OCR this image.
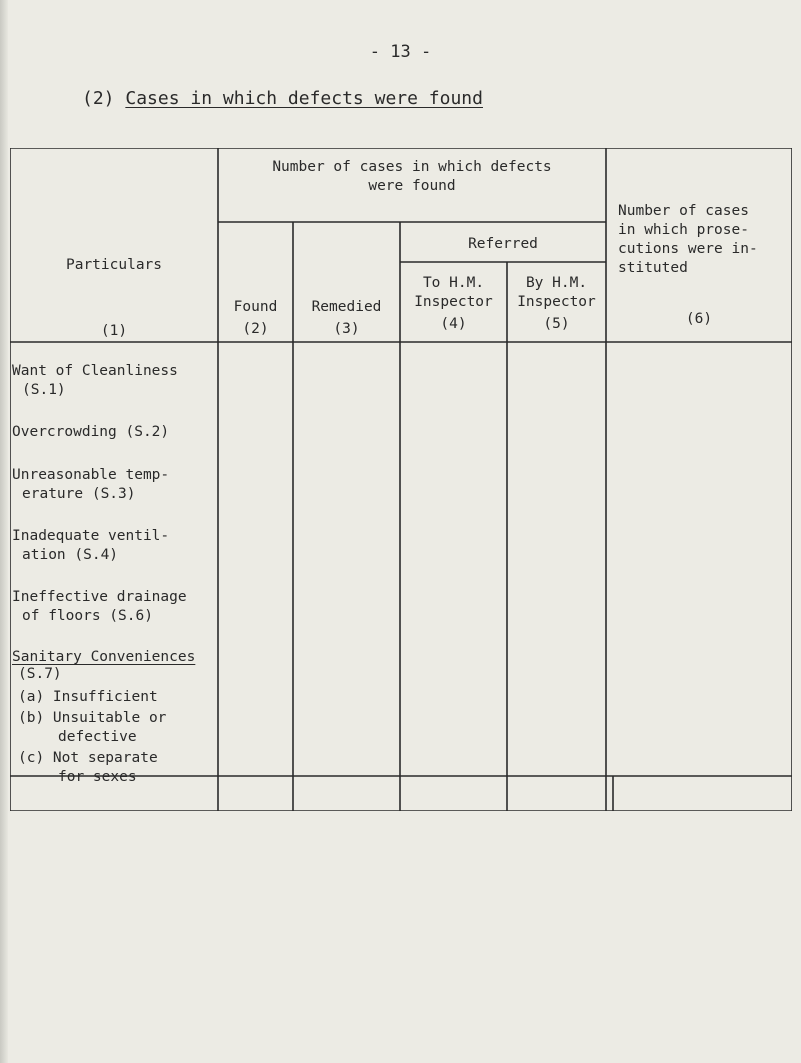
- 13 -
(2) Cases in which defects were found
Particulars
(1)
Number of cases in which defects
were found
Found
(2)
Remedied
(3)
Referred
To H.M.
Inspector
(4)
By H.M.
Inspector
(5)
Number of cases
in which prose-
cutions were in-
stituted
(6)
Want of Cleanliness
(S.1)
Overcrowding (S.2)
Unreasonable temp-
erature (S.3)
Inadequate ventil-
ation (S.4)
Ineffective drainage
of floors (S.6)
Sanitary Conveniences
(S.7)
(a) Insufficient
(b) Unsuitable or
defective
(c) Not separate
for sexes
